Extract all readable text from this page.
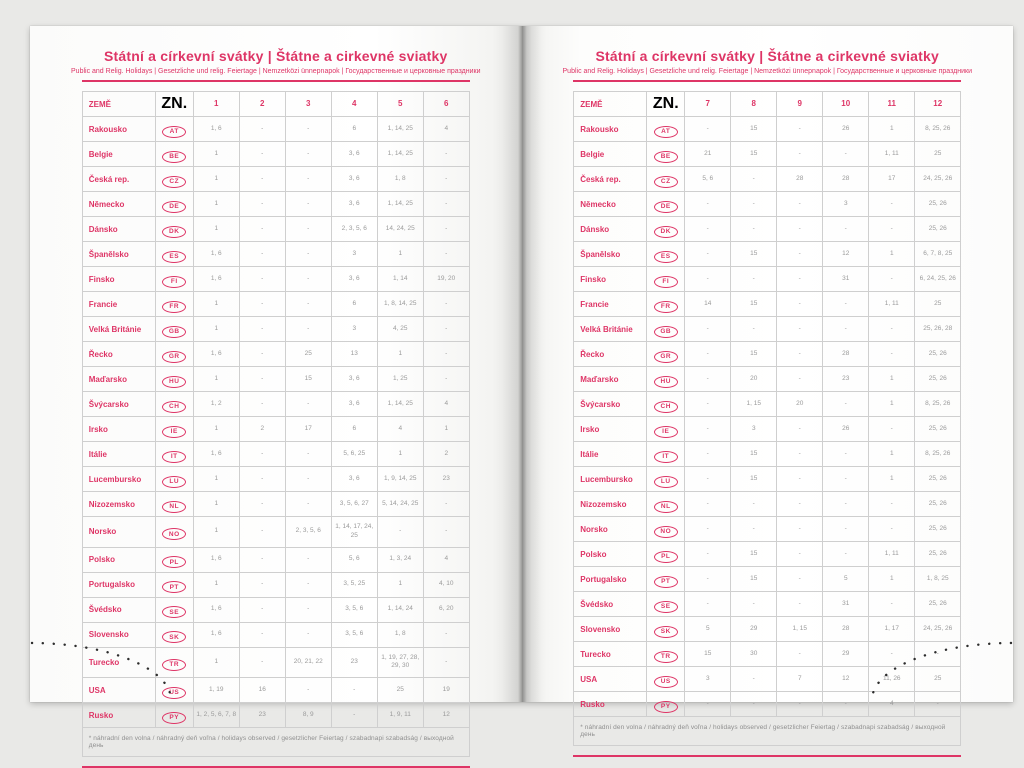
Státní a církevní svátky | Štátne a cirkevné sviatky
Public and Relig. Holidays | Gesetzliche und relig. Feiertage | Nemzetközi ünnepnapok | Государственные и церковные праздники
ZEMĚ	ZN.	1	2	3	4	5	6
Rakousko	AT	1, 6	-	-	6	1, 14, 25	4
Belgie	BE	1	-	-	3, 6	1, 14, 25	-
Česká rep.	CZ	1	-	-	3, 6	1, 8	-
Německo	DE	1	-	-	3, 6	1, 14, 25	-
Dánsko	DK	1	-	-	2, 3, 5, 6	14, 24, 25	-
Španělsko	ES	1, 6	-	-	3	1	-
Finsko	FI	1, 6	-	-	3, 6	1, 14	19, 20
Francie	FR	1	-	-	6	1, 8, 14, 25	-
Velká Británie	GB	1	-	-	3	4, 25	-
Řecko	GR	1, 6	-	25	13	1	-
Maďarsko	HU	1	-	15	3, 6	1, 25	-
Švýcarsko	CH	1, 2	-	-	3, 6	1, 14, 25	4
Irsko	IE	1	2	17	6	4	1
Itálie	IT	1, 6	-	-	5, 6, 25	1	2
Lucembursko	LU	1	-	-	3, 6	1, 9, 14, 25	23
Nizozemsko	NL	1	-	-	3, 5, 6, 27	5, 14, 24, 25	-
Norsko	NO	1	-	2, 3, 5, 6	1, 14, 17, 24, 25	-	-
Polsko	PL	1, 6	-	-	5, 6	1, 3, 24	4
Portugalsko	PT	1	-	-	3, 5, 25	1	4, 10
Švédsko	SE	1, 6	-	-	3, 5, 6	1, 14, 24	6, 20
Slovensko	SK	1, 6	-	-	3, 5, 6	1, 8	-
Turecko	TR	1	-	20, 21, 22	23	1, 19, 27, 28, 29, 30	-
USA	US	1, 19	16	-	-	25	19
Rusko	PY	1, 2, 5, 6, 7, 8	23	8, 9	-	1, 9, 11	12
* náhradní den volna / náhradný deň voľna / holidays observed / gesetzlicher Feiertag / szabadnapi szabadság / выходной день							
Státní a církevní svátky | Štátne a cirkevné sviatky
Public and Relig. Holidays | Gesetzliche und relig. Feiertage | Nemzetközi ünnepnapok | Государственные и церковные праздники
ZEMĚ	ZN.	7	8	9	10	11	12
Rakousko	AT	-	15	-	26	1	8, 25, 26
Belgie	BE	21	15	-	-	1, 11	25
Česká rep.	CZ	5, 6	-	28	28	17	24, 25, 26
Německo	DE	-	-	-	3	-	25, 26
Dánsko	DK	-	-	-	-	-	25, 26
Španělsko	ES	-	15	-	12	1	6, 7, 8, 25
Finsko	FI	-	-	-	31	-	6, 24, 25, 26
Francie	FR	14	15	-	-	1, 11	25
Velká Británie	GB	-	-	-	-	-	25, 26, 28
Řecko	GR	-	15	-	28	-	25, 26
Maďarsko	HU	-	20	-	23	1	25, 26
Švýcarsko	CH	-	1, 15	20	-	1	8, 25, 26
Irsko	IE	-	3	-	26	-	25, 26
Itálie	IT	-	15	-	-	1	8, 25, 26
Lucembursko	LU	-	15	-	-	1	25, 26
Nizozemsko	NL	-	-	-	-	-	25, 26
Norsko	NO	-	-	-	-	-	25, 26
Polsko	PL	-	15	-	-	1, 11	25, 26
Portugalsko	PT	-	15	-	5	1	1, 8, 25
Švédsko	SE	-	-	-	31	-	25, 26
Slovensko	SK	5	29	1, 15	28	1, 17	24, 25, 26
Turecko	TR	15	30	-	29	-	-
USA	US	3	-	7	12	11, 26	25
Rusko	PY	-	-	-	-	4	-
* náhradní den volna / náhradný deň voľna / holidays observed / gesetzlicher Feiertag / szabadnapi szabadság / выходной день							
